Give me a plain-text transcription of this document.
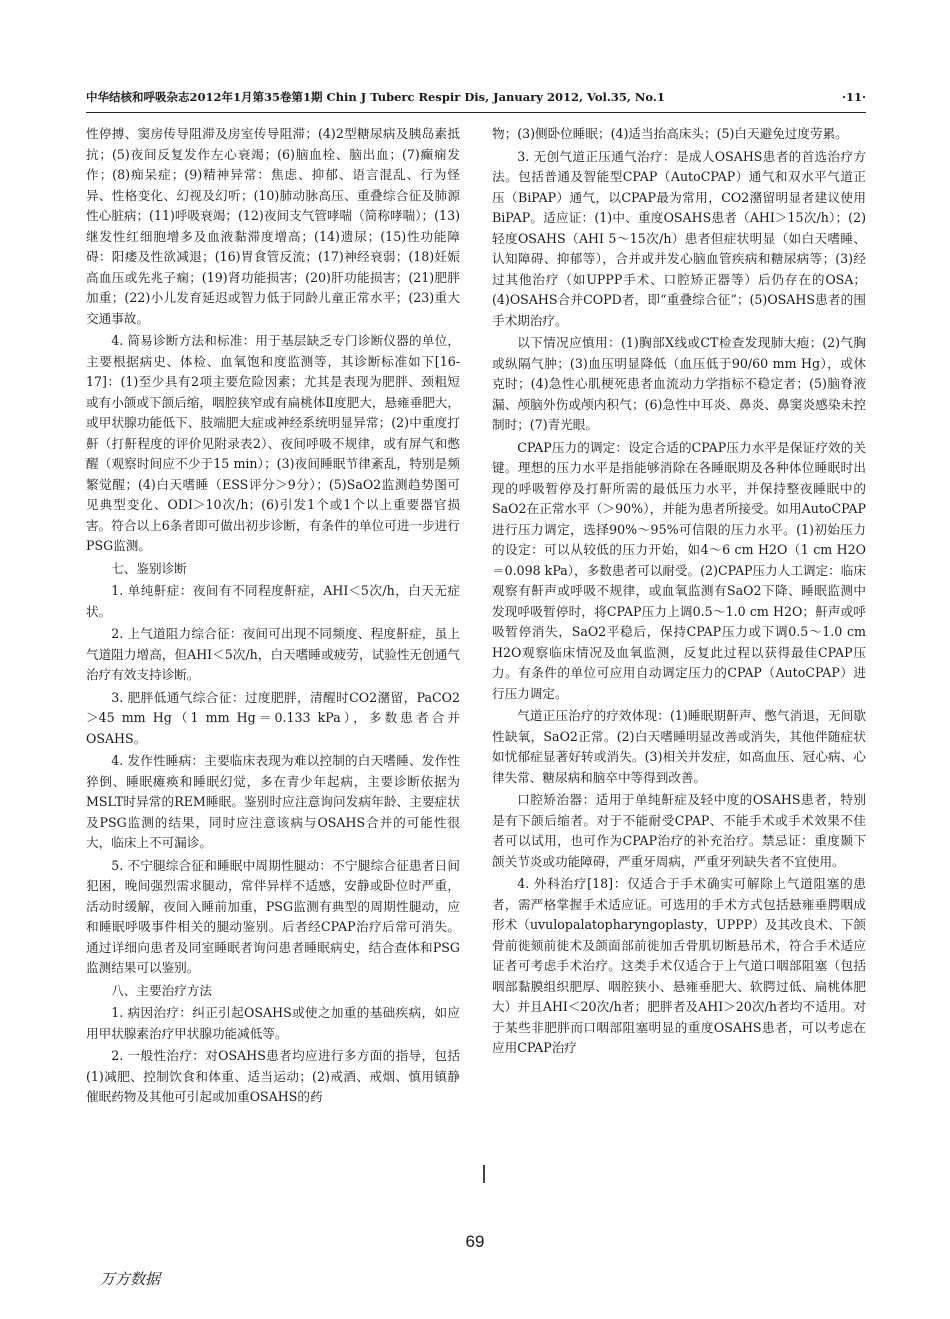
中华结核和呼吸杂志2012年1月第35卷第1期 Chin J Tuberc Respir Dis, January 2012, Vol.35, No.1	·11·

性停搏、窦房传导阻滞及房室传导阻滞；(4)2型糖尿病及胰岛素抵抗；(5)夜间反复发作左心衰竭；(6)脑血栓、脑出血；(7)癫痫发作；(8)痴呆症；(9)精神异常：焦虑、抑郁、语言混乱、行为怪异、性格变化、幻视及幻听；(10)肺动脉高压、重叠综合征及肺源性心脏病；(11)呼吸衰竭；(12)夜间支气管哮喘（简称哮喘）；(13)继发性红细胞增多及血液黏滞度增高；(14)遗尿；(15)性功能障碍：阳痿及性欲减退；(16)胃食管反流；(17)神经衰弱；(18)妊娠高血压或先兆子痫；(19)肾功能损害；(20)肝功能损害；(21)肥胖加重；(22)小儿发育延迟或智力低于同龄儿童正常水平；(23)重大交通事故。

4. 简易诊断方法和标准：用于基层缺乏专门诊断仪器的单位，主要根据病史、体检、血氧饱和度监测等，其诊断标准如下[16-17]：(1)至少具有2项主要危险因素；尤其是表现为肥胖、颈粗短或有小颌或下颌后缩，咽腔狭窄或有扁桃体Ⅱ度肥大，悬雍垂肥大，或甲状腺功能低下、肢端肥大症或神经系统明显异常；(2)中重度打鼾（打鼾程度的评价见附录表2）、夜间呼吸不规律，或有屏气和憋醒（观察时间应不少于15 min）；(3)夜间睡眠节律紊乱，特别是频繁觉醒；(4)白天嗜睡（ESS评分＞9分）；(5)SaO2监测趋势图可见典型变化、ODI＞10次/h；(6)引发1个或1个以上重要器官损害。符合以上6条者即可做出初步诊断，有条件的单位可进一步进行PSG监测。

七、鉴别诊断

1. 单纯鼾症：夜间有不同程度鼾症，AHI＜5次/h，白天无症状。

2. 上气道阻力综合征：夜间可出现不同频度、程度鼾症，虽上气道阻力增高，但AHI＜5次/h，白天嗜睡或疲劳，试验性无创通气治疗有效支持诊断。

3. 肥胖低通气综合征：过度肥胖，清醒时CO2潴留，PaCO2＞45 mm Hg（1 mm Hg＝0.133 kPa），多数患者合并OSAHS。

4. 发作性睡病：主要临床表现为难以控制的白天嗜睡、发作性猝倒、睡眠瘫痪和睡眠幻觉，多在青少年起病，主要诊断依据为MSLT时异常的REM睡眠。鉴别时应注意询问发病年龄、主要症状及PSG监测的结果，同时应注意该病与OSAHS合并的可能性很大，临床上不可漏诊。

5. 不宁腿综合征和睡眠中周期性腿动：不宁腿综合征患者日间犯困，晚间强烈需求腿动，常伴异样不适感，安静或卧位时严重，活动时缓解，夜间入睡前加重，PSG监测有典型的周期性腿动，应和睡眠呼吸事件相关的腿动鉴别。后者经CPAP治疗后常可消失。通过详细向患者及同室睡眠者询问患者睡眠病史，结合查体和PSG监测结果可以鉴别。

八、主要治疗方法

1. 病因治疗：纠正引起OSAHS或使之加重的基础疾病，如应用甲状腺素治疗甲状腺功能减低等。

2. 一般性治疗：对OSAHS患者均应进行多方面的指导，包括(1)减肥、控制饮食和体重、适当运动；(2)戒酒、戒烟、慎用镇静催眠药物及其他可引起或加重OSAHS的药

物；(3)侧卧位睡眠；(4)适当抬高床头；(5)白天避免过度劳累。

3. 无创气道正压通气治疗：是成人OSAHS患者的首选治疗方法。包括普通及智能型CPAP（AutoCPAP）通气和双水平气道正压（BiPAP）通气，以CPAP最为常用，CO2潴留明显者建议使用BiPAP。适应证：(1)中、重度OSAHS患者（AHI＞15次/h）；(2)轻度OSAHS（AHI 5～15次/h）患者但症状明显（如白天嗜睡、认知障碍、抑郁等），合并或并发心脑血管疾病和糖尿病等；(3)经过其他治疗（如UPPP手术、口腔矫正器等）后仍存在的OSA；(4)OSAHS合并COPD者，即“重叠综合征”；(5)OSAHS患者的围手术期治疗。

以下情况应慎用：(1)胸部X线或CT检查发现肺大疱；(2)气胸或纵隔气肿；(3)血压明显降低（血压低于90/60 mm Hg），或休克时；(4)急性心肌梗死患者血流动力学指标不稳定者；(5)脑脊液漏、颅脑外伤或颅内积气；(6)急性中耳炎、鼻炎、鼻窦炎感染未控制时；(7)青光眼。

CPAP压力的调定：设定合适的CPAP压力水平是保证疗效的关键。理想的压力水平是指能够消除在各睡眠期及各种体位睡眠时出现的呼吸暂停及打鼾所需的最低压力水平，并保持整夜睡眠中的SaO2在正常水平（＞90%），并能为患者所接受。如用AutoCPAP进行压力调定，选择90%～95%可信限的压力水平。(1)初始压力的设定：可以从较低的压力开始，如4～6 cm H2O（1 cm H2O＝0.098 kPa），多数患者可以耐受。(2)CPAP压力人工调定：临床观察有鼾声或呼吸不规律，或血氧监测有SaO2下降、睡眠监测中发现呼吸暂停时，将CPAP压力上调0.5～1.0 cm H2O；鼾声或呼吸暂停消失，SaO2平稳后，保持CPAP压力或下调0.5～1.0 cm H2O观察临床情况及血氧监测，反复此过程以获得最佳CPAP压力。有条件的单位可应用自动调定压力的CPAP（AutoCPAP）进行压力调定。

气道正压治疗的疗效体现：(1)睡眠期鼾声、憋气消退，无间歇性缺氧，SaO2正常。(2)白天嗜睡明显改善或消失，其他伴随症状如忧郁症显著好转或消失。(3)相关并发症，如高血压、冠心病、心律失常、糖尿病和脑卒中等得到改善。

口腔矫治器：适用于单纯鼾症及轻中度的OSAHS患者，特别是有下颌后缩者。对于不能耐受CPAP、不能手术或手术效果不佳者可以试用，也可作为CPAP治疗的补充治疗。禁忌证：重度颞下颌关节炎或功能障碍，严重牙周病，严重牙列缺失者不宜使用。

4. 外科治疗[18]：仅适合于手术确实可解除上气道阻塞的患者，需严格掌握手术适应证。可选用的手术方式包括悬雍垂腭咽成形术（uvulopalatopharyngoplasty，UPPP）及其改良术、下颌骨前徙颏前徙术及颌面部前徙加舌骨肌切断悬吊术，符合手术适应证者可考虑手术治疗。这类手术仅适合于上气道口咽部阻塞（包括咽部黏膜组织肥厚、咽腔狭小、悬雍垂肥大、软腭过低、扁桃体肥大）并且AHI＜20次/h者；肥胖者及AHI＞20次/h者均不适用。对于某些非肥胖而口咽部阻塞明显的重度OSAHS患者，可以考虑在应用CPAP治疗

69
万方数据
